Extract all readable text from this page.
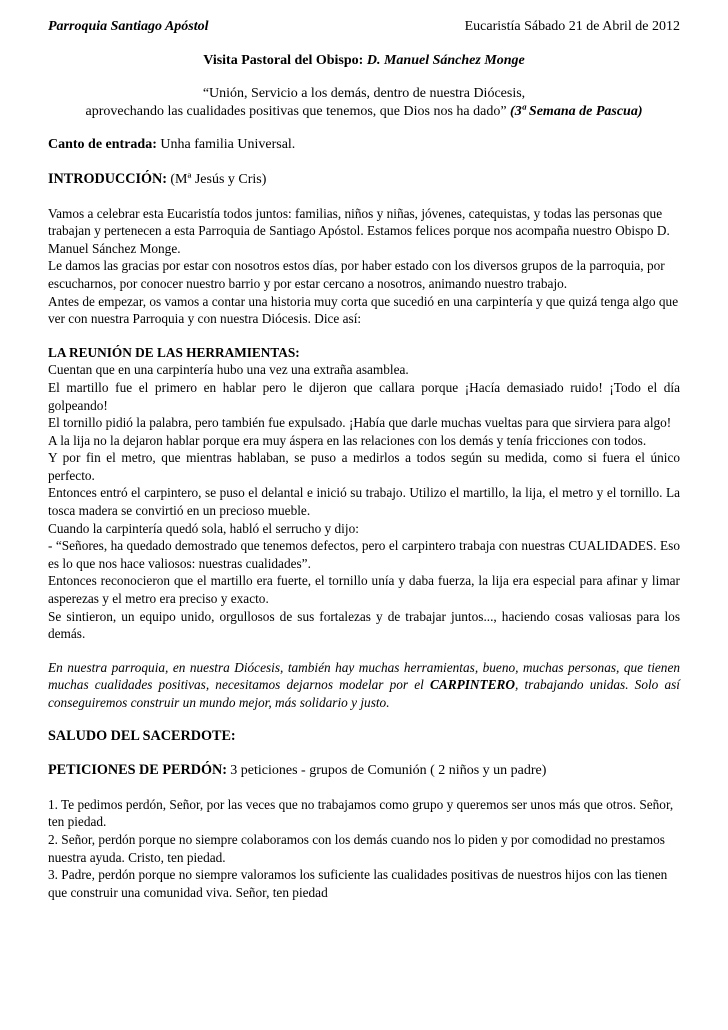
Parroquia Santiago Apóstol	Eucaristía Sábado 21 de Abril de 2012
Visita Pastoral del Obispo: D. Manuel Sánchez Monge
“Unión, Servicio a los demás, dentro de nuestra Diócesis,
aprovechando las cualidades positivas que tenemos, que Dios nos ha dado” (3ª Semana de Pascua)

Canto de entrada: Unha familia Universal.

INTRODUCCIÓN: (Mª Jesús y Cris)

Vamos a celebrar esta Eucaristía todos juntos: familias, niños y niñas, jóvenes, catequistas, y todas las personas que trabajan y pertenecen a esta Parroquia de Santiago Apóstol. Estamos felices porque nos acompaña nuestro Obispo D. Manuel Sánchez Monge.

Le damos las gracias por estar con nosotros estos días, por haber estado con los diversos grupos de la parroquia, por escucharnos, por conocer nuestro barrio y por estar cercano a nosotros, animando nuestro trabajo.

Antes de empezar, os vamos a contar una historia muy corta que sucedió en una carpintería y que quizá tenga algo que ver con nuestra Parroquia y con nuestra Diócesis. Dice así:

LA REUNIÓN DE LAS HERRAMIENTAS:

Cuentan que en una carpintería hubo una vez una extraña asamblea.

El martillo fue el primero en hablar pero le dijeron que callara porque ¡Hacía demasiado ruido! ¡Todo el día golpeando!

El tornillo pidió la palabra, pero también fue expulsado. ¡Había que darle muchas vueltas para que sirviera para algo!

A la lija no la dejaron hablar porque era muy áspera en las relaciones con los demás y tenía fricciones con todos.

Y por fin el metro, que mientras hablaban, se puso a medirlos a todos según su medida, como si fuera el único perfecto.

Entonces entró el carpintero, se puso el delantal e inició su trabajo. Utilizo el martillo, la lija, el metro y el tornillo. La tosca madera se convirtió en un precioso mueble.

Cuando la carpintería quedó sola, habló el serrucho y dijo:

- “Señores, ha quedado demostrado que tenemos defectos, pero el carpintero trabaja con nuestras CUALIDADES. Eso es lo que nos hace valiosos: nuestras cualidades”.

Entonces reconocieron que el martillo era fuerte, el tornillo unía y daba fuerza, la lija era especial para afinar y limar asperezas y el metro era preciso y exacto.

Se sintieron, un equipo unido, orgullosos de sus fortalezas y de trabajar juntos..., haciendo cosas valiosas para los demás.

En nuestra parroquia, en nuestra Diócesis, también hay muchas herramientas, bueno, muchas personas, que tienen muchas cualidades positivas, necesitamos dejarnos modelar por el CARPINTERO, trabajando unidas. Solo así conseguiremos construir un mundo mejor, más solidario y justo.

SALUDO DEL SACERDOTE:

PETICIONES DE PERDÓN: 3 peticiones - grupos de Comunión ( 2 niños y un padre)

1. Te pedimos perdón, Señor, por las veces que no trabajamos como grupo y queremos ser unos más que otros. Señor, ten piedad.

2. Señor, perdón porque no siempre colaboramos con los demás cuando nos lo piden y por comodidad no prestamos nuestra ayuda. Cristo, ten piedad.

3. Padre, perdón porque no siempre valoramos los suficiente las cualidades positivas de nuestros hijos con las tienen que construir una comunidad viva. Señor, ten piedad
